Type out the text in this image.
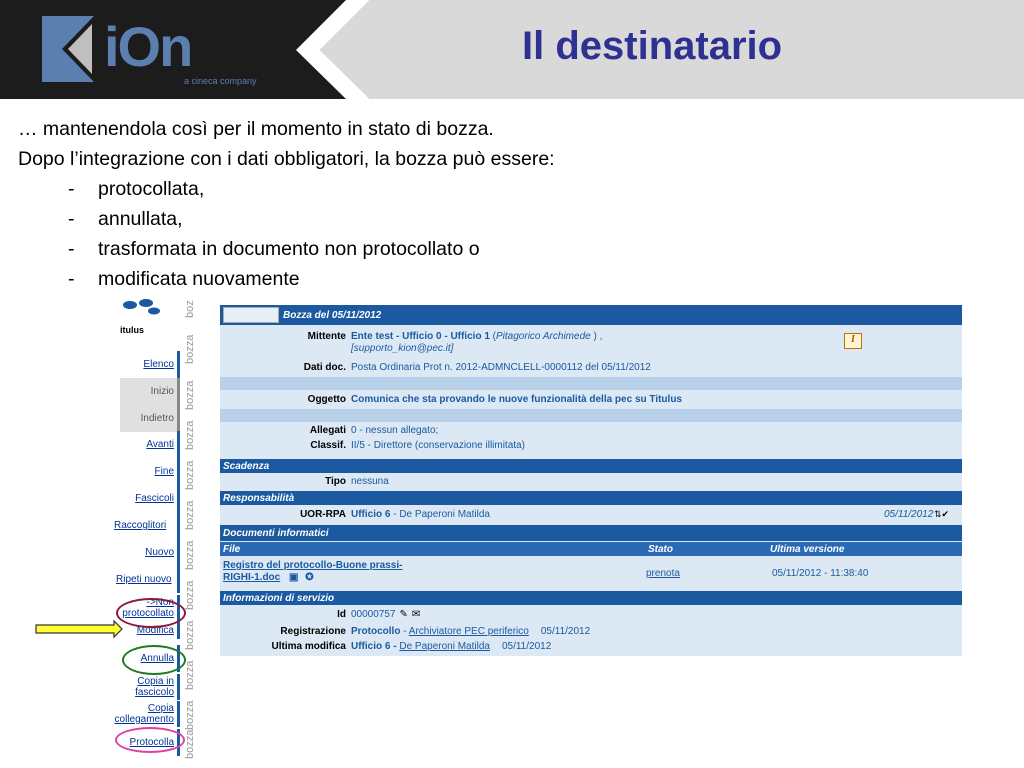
iOn
a cineca company
Il destinatario
… mantenendola così per il momento in stato di bozza.
Dopo l’integrazione con i dati obbligatori, la bozza può essere:
- protocollata,
- annullata,
- trasformata in documento non protocollato o
- modificata nuovamente
itulus
boz
bozza
Elenco
Inizio bozza
Indietro
bozza
Avanti
Fine bozza
Fascicoli
bozza
Raccoglitori
bozza
Nuovo
Ripeti nuovo
bozza
->Non protocollato
bozza
Modifica
Annulla
bozza
Copia in fascicolo
bozza
Copia collegamento
Protocolla bozza
Bozza del 05/11/2012
Mittente Ente test - Ufficio 0 - Ufficio 1 (Pitagorico Archimede ) ,
[supporto_kion@pec.it]
I
Dati doc. Posta Ordinaria Prot n. 2012-ADMNCLELL-0000112 del 05/11/2012
Oggetto Comunica che sta provando le nuove funzionalità della pec su Titulus
Allegati 0 - nessun allegato;
Classif. II/5 - Direttore (conservazione illimitata)
Scadenza
Tipo nessuna
Responsabilità
UOR-RPA Ufficio 6 - De Paperoni Matilda	05/11/2012 ⇅✔
Documenti informatici
File	Stato	Ultima versione
Registro del protocollo-Buone prassi-
RIGHI-1.doc ▣ ✪	prenota	05/11/2012 - 11:38:40
Informazioni di servizio
Id 00000757 ✎ ✉
Registrazione Protocollo - Archiviatore PEC periferico 05/11/2012
Ultima modifica Ufficio 6 - De Paperoni Matilda 05/11/2012
